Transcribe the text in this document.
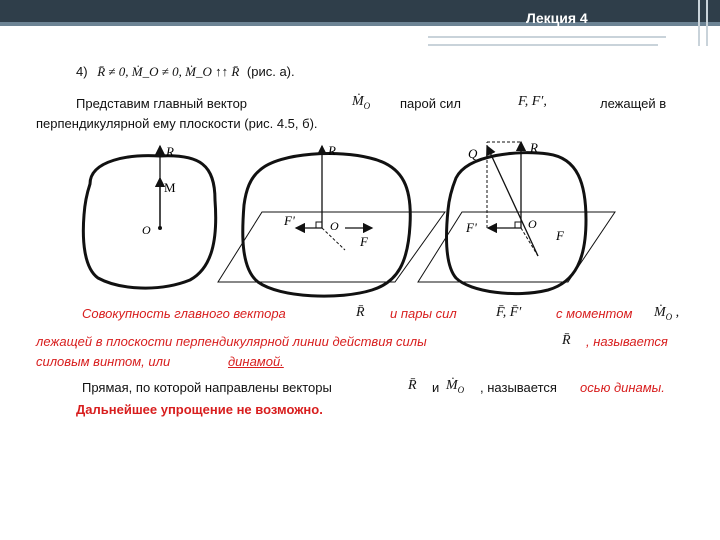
Лекция 4
4) R̄ ≠ 0, Ṁ_O ≠ 0, Ṁ_O ↑↑ R̄ (рис. а).
Представим главный вектор	Ṁ$_O$ парой сил	F, F′,	лежащей в
перпендикулярной ему плоскости (рис. 4.5, б).
R
M
O
R
F'	O
F
Q	R
F'	O
F
Совокупность главного вектора	R̄ и пары сил	F̄, F̄′	с моментом Ṁ$_O$ ,
лежащей в плоскости перпендикулярной линии действия силы	R̄ , называется
силовым винтом, или	динамой.
Прямая, по которой направлены векторы	R̄ и Ṁ$_O$ , называется осью динамы.
Дальнейшее упрощение не возможно.
